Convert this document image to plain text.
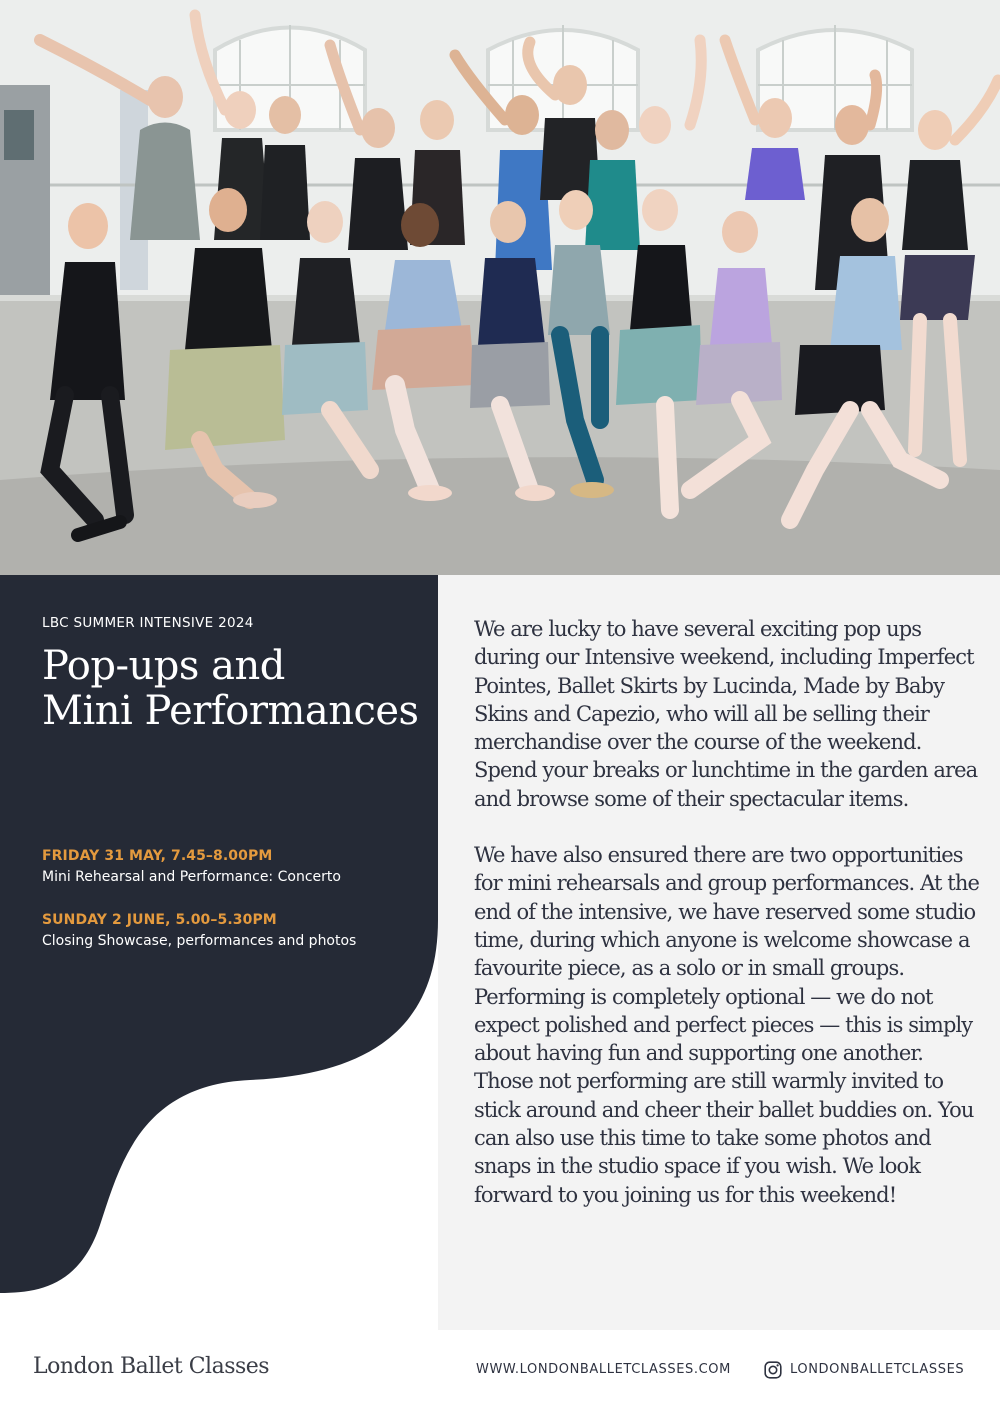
LBC SUMMER INTENSIVE 2024
Pop-ups and
Mini Performances
FRIDAY 31 MAY, 7.45–8.00PM
Mini Rehearsal and Performance: Concerto
SUNDAY 2 JUNE, 5.00–5.30PM
Closing Showcase, performances and photos

We are lucky to have several exciting pop ups during our Intensive weekend, including Imperfect Pointes, Ballet Skirts by Lucinda, Made by Baby Skins and Capezio, who will all be selling their merchandise over the course of the weekend. Spend your breaks or lunchtime in the garden area and browse some of their spectacular items.

We have also ensured there are two opportunities for mini rehearsals and group performances. At the end of the intensive, we have reserved some studio time, during which anyone is welcome showcase a favourite piece, as a solo or in small groups. Performing is completely optional — we do not expect polished and perfect pieces — this is simply about having fun and supporting one another. Those not performing are still warmly invited to stick around and cheer their ballet buddies on. You can also use this time to take some photos and snaps in the studio space if you wish. We look forward to you joining us for this weekend!

London Ballet Classes	WWW.LONDONBALLETCLASSES.COM	LONDONBALLETCLASSES
